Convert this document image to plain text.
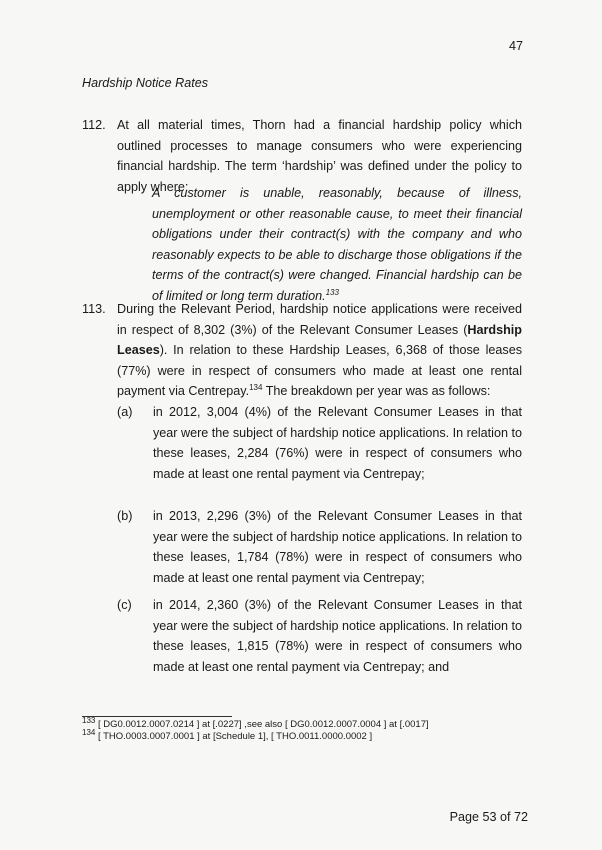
47
Hardship Notice Rates
112. At all material times, Thorn had a financial hardship policy which outlined processes to manage consumers who were experiencing financial hardship. The term ‘hardship’ was defined under the policy to apply where:
A customer is unable, reasonably, because of illness, unemployment or other reasonable cause, to meet their financial obligations under their contract(s) with the company and who reasonably expects to be able to discharge those obligations if the terms of the contract(s) were changed. Financial hardship can be of limited or long term duration.$^{133}$
113. During the Relevant Period, hardship notice applications were received in respect of 8,302 (3%) of the Relevant Consumer Leases (Hardship Leases). In relation to these Hardship Leases, 6,368 of those leases (77%) were in respect of consumers who made at least one rental payment via Centrepay.$^{134}$ The breakdown per year was as follows:
(a) in 2012, 3,004 (4%) of the Relevant Consumer Leases in that year were the subject of hardship notice applications. In relation to these leases, 2,284 (76%) were in respect of consumers who made at least one rental payment via Centrepay;
(b) in 2013, 2,296 (3%) of the Relevant Consumer Leases in that year were the subject of hardship notice applications. In relation to these leases, 1,784 (78%) were in respect of consumers who made at least one rental payment via Centrepay;
(c) in 2014, 2,360 (3%) of the Relevant Consumer Leases in that year were the subject of hardship notice applications. In relation to these leases, 1,815 (78%) were in respect of consumers who made at least one rental payment via Centrepay; and
$^{133}$ [ DG0.0012.0007.0214 ] at [.0227] ,see also [ DG0.0012.0007.0004 ] at [.0017]
$^{134}$ [ THO.0003.0007.0001 ] at [Schedule 1], [ THO.0011.0000.0002 ]
Page 53 of 72
